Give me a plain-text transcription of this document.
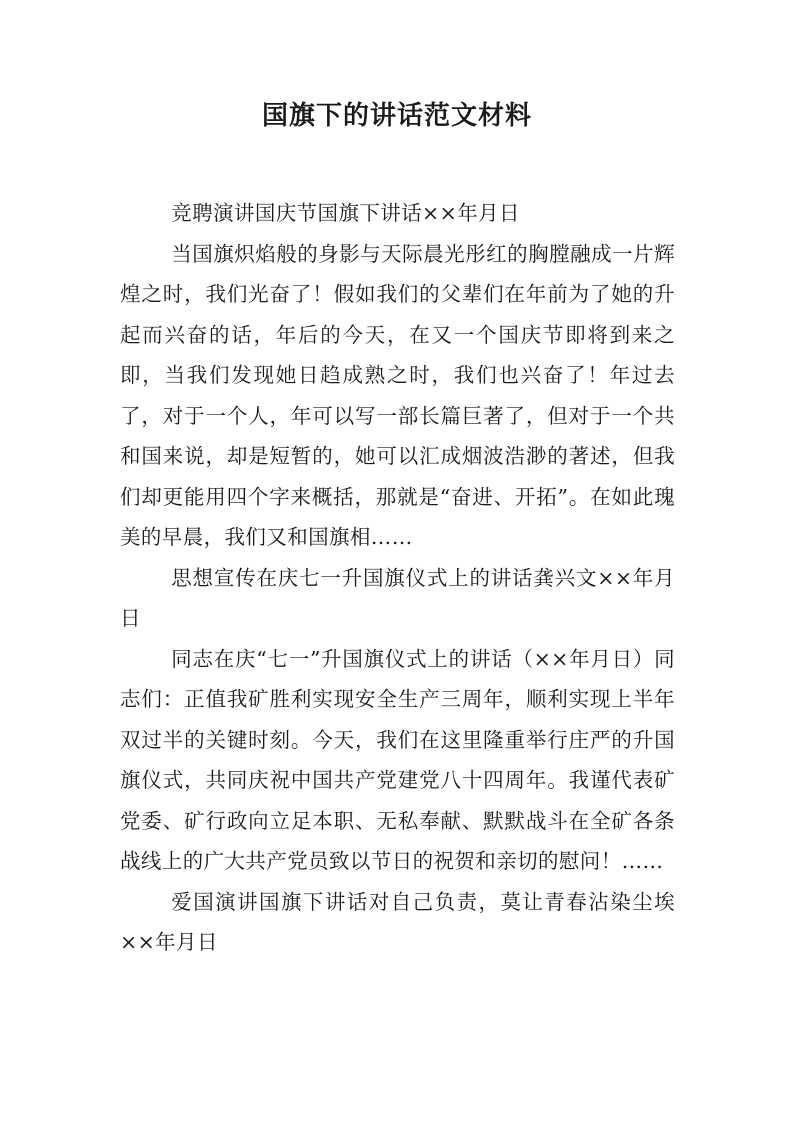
国旗下的讲话范文材料

竞聘演讲国庆节国旗下讲话××年月日

当国旗炽焰般的身影与天际晨光彤红的胸膛融成一片辉煌之时，我们光奋了！假如我们的父辈们在年前为了她的升起而兴奋的话，年后的今天，在又一个国庆节即将到来之即，当我们发现她日趋成熟之时，我们也兴奋了！年过去了，对于一个人，年可以写一部长篇巨著了，但对于一个共和国来说，却是短暂的，她可以汇成烟波浩渺的著述，但我们却更能用四个字来概括，那就是“奋进、开拓”。在如此瑰美的早晨，我们又和国旗相……

思想宣传在庆七一升国旗仪式上的讲话龚兴文××年月日

同志在庆“七一”升国旗仪式上的讲话（××年月日）同志们：正值我矿胜利实现安全生产三周年，顺利实现上半年双过半的关键时刻。今天，我们在这里隆重举行庄严的升国旗仪式，共同庆祝中国共产党建党八十四周年。我谨代表矿党委、矿行政向立足本职、无私奉献、默默战斗在全矿各条战线上的广大共产党员致以节日的祝贺和亲切的慰问！……

爱国演讲国旗下讲话对自己负责，莫让青春沾染尘埃××年月日
